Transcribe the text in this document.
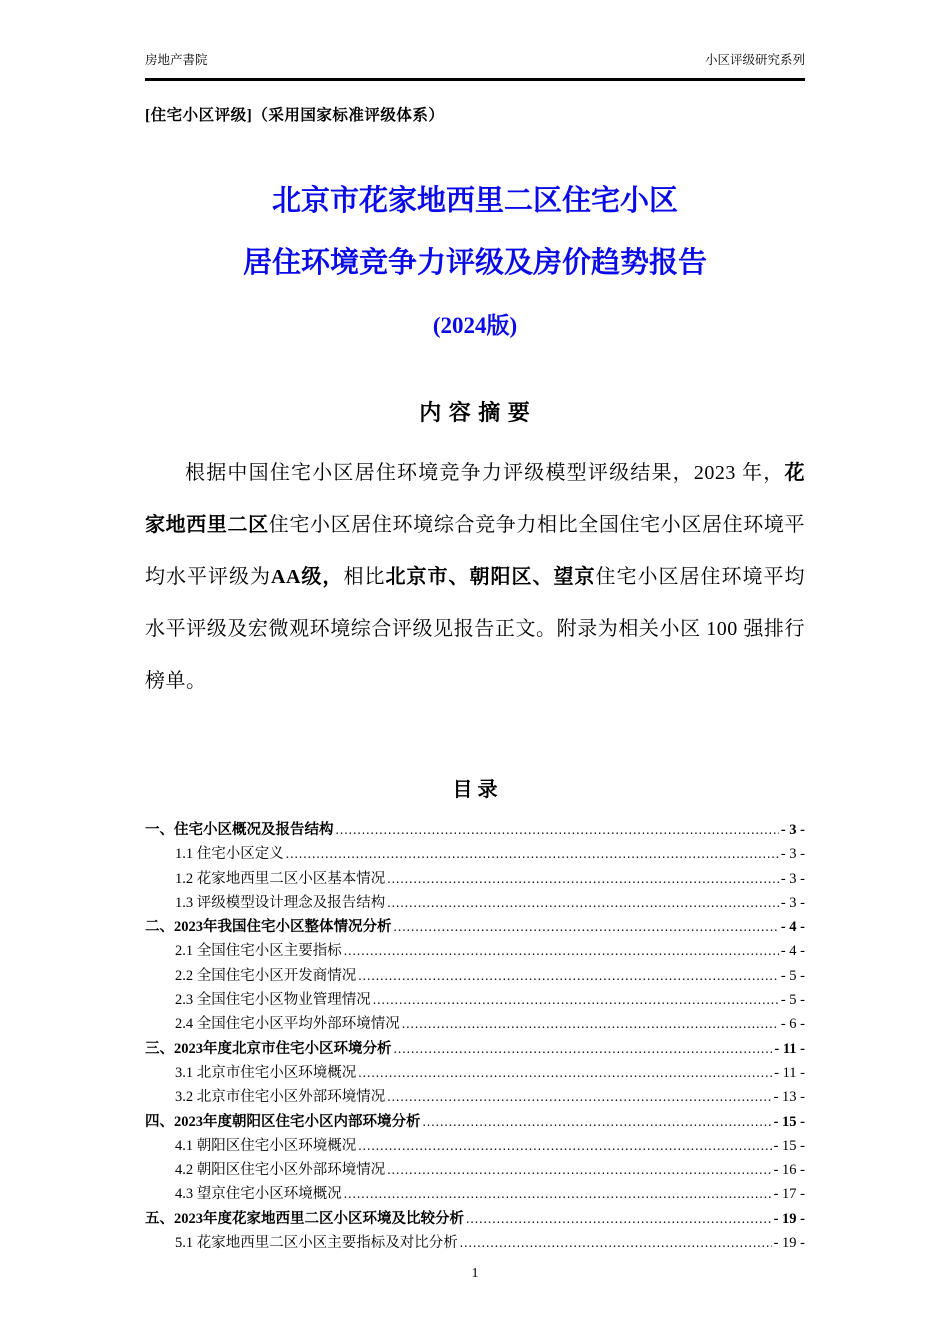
房地产書院	小区评级研究系列
[住宅小区评级]（采用国家标准评级体系）
北京市花家地西里二区住宅小区
居住环境竞争力评级及房价趋势报告
(2024版)
内 容 摘 要

根据中国住宅小区居住环境竞争力评级模型评级结果，2023 年，花家地西里二区住宅小区居住环境综合竞争力相比全国住宅小区居住环境平均水平评级为AA级，相比北京市、朝阳区、望京住宅小区居住环境平均水平评级及宏微观环境综合评级见报告正文。附录为相关小区 100 强排行榜单。

目 录
一、住宅小区概况及报告结构 .....	- 3 -
1.1 住宅小区定义 .....	- 3 -
1.2 花家地西里二区小区基本情况 .....	- 3 -
1.3 评级模型设计理念及报告结构 .....	- 3 -
二、2023年我国住宅小区整体情况分析 .....	- 4 -
2.1 全国住宅小区主要指标 .....	- 4 -
2.2 全国住宅小区开发商情况 .....	- 5 -
2.3 全国住宅小区物业管理情况 .....	- 5 -
2.4 全国住宅小区平均外部环境情况 .....	- 6 -
三、2023年度北京市住宅小区环境分析 .....	- 11 -
3.1 北京市住宅小区环境概况 .....	- 11 -
3.2 北京市住宅小区外部环境情况 .....	- 13 -
四、2023年度朝阳区住宅小区内部环境分析 .....	- 15 -
4.1 朝阳区住宅小区环境概况 .....	- 15 -
4.2 朝阳区住宅小区外部环境情况 .....	- 16 -
4.3 望京住宅小区环境概况 .....	- 17 -
五、2023年度花家地西里二区小区环境及比较分析 .....	- 19 -
5.1 花家地西里二区小区主要指标及对比分析 .....	- 19 -
1
